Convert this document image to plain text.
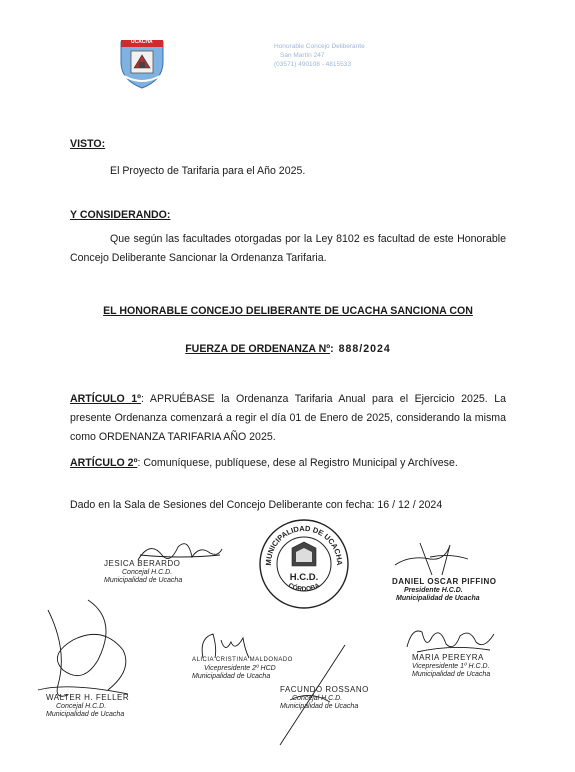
UCACHA
Honorable Concejo Deliberante
San Martín 247
(03571) 490108 - 4815533
VISTO:
El Proyecto de Tarifaria para el Año 2025.
Y CONSIDERANDO:
Que según las facultades otorgadas por la Ley 8102 es facultad de este Honorable Concejo Deliberante Sancionar la Ordenanza Tarifaria.
EL HONORABLE CONCEJO DELIBERANTE DE UCACHA SANCIONA CON
FUERZA DE ORDENANZA Nº: 888/2024
ARTÍCULO 1º: APRUÉBASE la Ordenanza Tarifaria Anual para el Ejercicio 2025. La presente Ordenanza comenzará a regir el día 01 de Enero de 2025, considerando la misma como ORDENANZA TARIFARIA AÑO 2025.
ARTÍCULO 2º: Comuníquese, publíquese, dese al Registro Municipal y Archívese.
Dado en la Sala de Sesiones del Concejo Deliberante con fecha: 16 / 12 / 2024
MUNICIPALIDAD DE UCACHA
CÓRDOBA
H.C.D.
JESICA BERARDO
Concejal H.C.D.
Municipalidad de Ucacha	DANIEL OSCAR PIFFINO
Presidente H.C.D.
Municipalidad de Ucacha
ALICIA CRISTINA MALDONADO
Vicepresidente 2º HCD
Municipalidad de Ucacha
MARIA PEREYRA
Vicepresidente 1º H.C.D.
Municipalidad de Ucacha
WALTER H. FELLER
Concejal H.C.D.
Municipalidad de Ucacha
FACUNDO ROSSANO
Concejal H.C.D.
Municipalidad de Ucacha
